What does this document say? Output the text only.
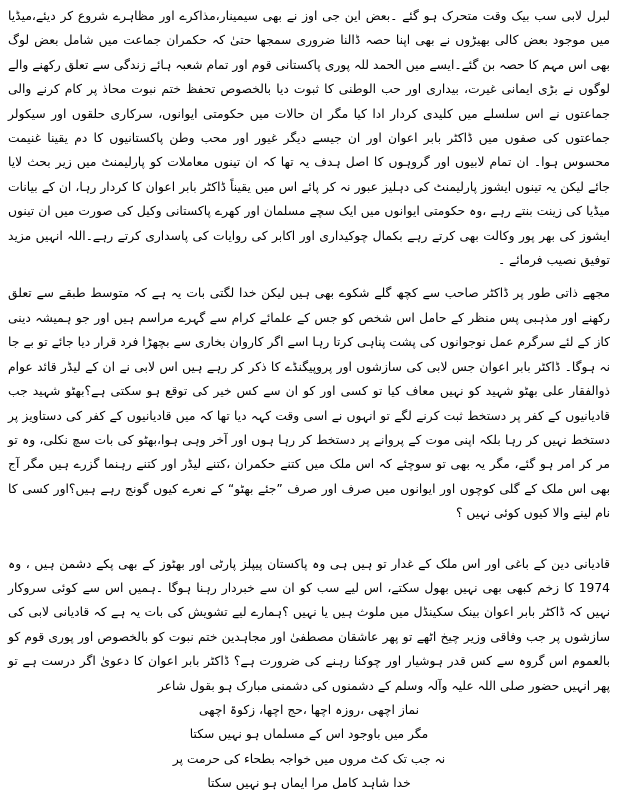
لبرل لابی سب بیک وقت متحرک ہو گئے ۔بعض این جی اوز نے بھی سیمینار،مذاکرے اور مظاہرے شروع کر دیئے،میڈیا میں موجود بعض کالی بھیڑوں نے بھی اپنا حصہ ڈالنا ضروری سمجھا حتیٰ کہ حکمران جماعت میں شامل بعض لوگ بھی اس مہم کا حصہ بن گئے۔ایسے میں الحمد للہ پوری پاکستانی قوم اور تمام شعبہ ہائے زندگی سے تعلق رکھنے والے لوگوں نے بڑی ایمانی غیرت، بیداری اور حب الوطنی کا ثبوت دیا بالخصوص تحفظ ختم نبوت محاذ پر کام کرنے والی جماعتوں نے اس سلسلے میں کلیدی کردار ادا کیا مگر ان حالات میں حکومتی ایوانوں، سرکاری حلقوں اور سیکولر جماعتوں کی صفوں میں ڈاکٹر بابر اعوان اور ان جیسے دیگر غیور اور محب وطن پاکستانیوں کا دم یقینا غنیمت محسوس ہوا۔ ان تمام لابیوں اور گروہوں کا اصل ہدف یہ تھا کہ ان تینوں معاملات کو پارلیمنٹ میں زیر بحث لایا جائے لیکن یہ تینوں ایشوز پارلیمنٹ کی دہلیز عبور نہ کر پائے اس میں یقیناً ڈاکٹر بابر اعوان کا کردار رہا، ان کے بیانات میڈیا کی زینت بنتے رہے ،وہ حکومتی ایوانوں میں ایک سچے مسلمان اور کھرے پاکستانی وکیل کی صورت میں ان تینوں ایشوز کی بھر پور وکالت بھی کرتے رہے بکمال چوکیداری اور اکابر کی روایات کی پاسداری کرتے رہے۔اللہ انہیں مزید توفیق نصیب فرمائے ۔

مجھے ذاتی طور پر ڈاکٹر صاحب سے کچھ گلے شکوے بھی ہیں لیکن خدا لگتی بات یہ ہے کہ متوسط طبقے سے تعلق رکھنے اور مذہبی پس منظر کے حامل اس شخص کو جس کے علمائے کرام سے گہرے مراسم ہیں اور جو ہمیشہ دینی کاز کے لئے سرگرم عمل نوجوانوں کی پشت پناہی کرتا رہا اسے اگر کاروان بخاری سے بچھڑا فرد قرار دیا جائے تو بے جا نہ ہوگا۔ ڈاکٹر بابر اعوان جس لابی کی سازشوں اور پروپیگنڈے کا ذکر کر رہے ہیں اس لابی نے ان کے لیڈر قائد عوام ذوالفقار علی بھٹو شہید کو نہیں معاف کیا تو کسی اور کو ان سے کس خیر کی توقع ہو سکتی ہے؟بھٹو شہید جب قادیانیوں کے کفر پر دستخط ثبت کرنے لگے تو انہوں نے اسی وقت کہہ دیا تھا کہ میں قادیانیوں کے کفر کی دستاویز پر دستخط نہیں کر رہا بلکہ اپنی موت کے پروانے پر دستخط کر رہا ہوں اور آخر وہی ہوا،بھٹو کی بات سچ نکلی، وہ تو مر کر امر ہو گئے، مگر یہ بھی تو سوچئے کہ اس ملک میں کتنے حکمران ،کتنے لیڈر اور کتنے رہنما گزرے ہیں مگر آج بھی اس ملک کے گلی کوچوں اور ایوانوں میں صرف اور صرف ”جئے بھٹو“ کے نعرے کیوں گونج رہے ہیں؟اور کسی کا نام لینے والا کیوں کوئی نہیں ؟

قادیانی دین کے باغی اور اس ملک کے غدار تو ہیں ہی وہ پاکستان پیپلز پارٹی اور بھٹوز کے بھی پکے دشمن ہیں ، وہ 1974 کا زخم کبھی بھی نہیں بھول سکتے، اس لیے سب کو ان سے خبردار رہنا ہوگا ۔ہمیں اس سے کوئی سروکار نہیں کہ ڈاکٹر بابر اعوان بینک سکینڈل میں ملوث ہیں یا نہیں ؟ہمارے لیے تشویش کی بات یہ ہے کہ قادیانی لابی کی سازشوں پر جب وفاقی وزیر چیخ اٹھے تو پھر عاشقان مصطفیٰ اور مجاہدین ختم نبوت کو بالخصوص اور پوری قوم کو بالعموم اس گروہ سے کس قدر ہوشیار اور چوکنا رہنے کی ضرورت ہے؟ ڈاکٹر بابر اعوان کا دعویٰ اگر درست ہے تو پھر انہیں حضور صلی اللہ علیہ وآلہ وسلم کے دشمنوں کی دشمنی مبارک ہو بقول شاعر

نماز اچھی ،روزہ اچھا ،حج اچھا، زکوۃ اچھی

مگر میں باوجود اس کے مسلماں ہو نہیں سکتا

نہ جب تک کٹ مروں میں خواجہ بطحاء کی حرمت پر

خدا شاہد کامل مرا ایماں ہو نہیں سکتا
